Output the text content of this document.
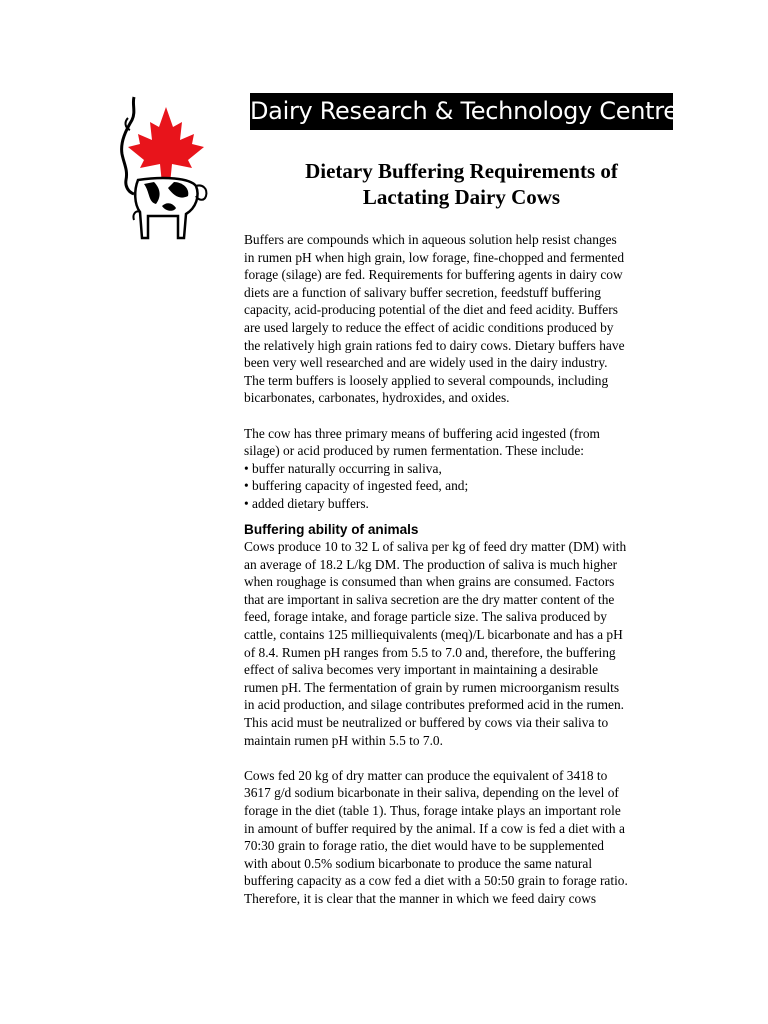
Dairy Research & Technology Centre
Dietary Buffering Requirements of
Lactating Dairy Cows

Buffers are compounds which in aqueous solution help resist changes
in rumen pH when high grain, low forage, fine-chopped and fermented
forage (silage) are fed. Requirements for buffering agents in dairy cow
diets are a function of salivary buffer secretion, feedstuff buffering
capacity, acid-producing potential of the diet and feed acidity. Buffers
are used largely to reduce the effect of acidic conditions produced by
the relatively high grain rations fed to dairy cows. Dietary buffers have
been very well researched and are widely used in the dairy industry.
The term buffers is loosely applied to several compounds, including
bicarbonates, carbonates, hydroxides, and oxides.

The cow has three primary means of buffering acid ingested (from
silage) or acid produced by rumen fermentation. These include:
• buffer naturally occurring in saliva,
• buffering capacity of ingested feed, and;
• added dietary buffers.

Buffering ability of animals

Cows produce 10 to 32 L of saliva per kg of feed dry matter (DM) with
an average of 18.2 L/kg DM. The production of saliva is much higher
when roughage is consumed than when grains are consumed. Factors
that are important in saliva secretion are the dry matter content of the
feed, forage intake, and forage particle size. The saliva produced by
cattle, contains 125 milliequivalents (meq)/L bicarbonate and has a pH
of 8.4. Rumen pH ranges from 5.5 to 7.0 and, therefore, the buffering
effect of saliva becomes very important in maintaining a desirable
rumen pH. The fermentation of grain by rumen microorganism results
in acid production, and silage contributes preformed acid in the rumen.
This acid must be neutralized or buffered by cows via their saliva to
maintain rumen pH within 5.5 to 7.0.

Cows fed 20 kg of dry matter can produce the equivalent of 3418 to
3617 g/d sodium bicarbonate in their saliva, depending on the level of
forage in the diet (table 1). Thus, forage intake plays an important role
in amount of buffer required by the animal. If a cow is fed a diet with a
70:30 grain to forage ratio, the diet would have to be supplemented
with about 0.5% sodium bicarbonate to produce the same natural
buffering capacity as a cow fed a diet with a 50:50 grain to forage ratio.
Therefore, it is clear that the manner in which we feed dairy cows
